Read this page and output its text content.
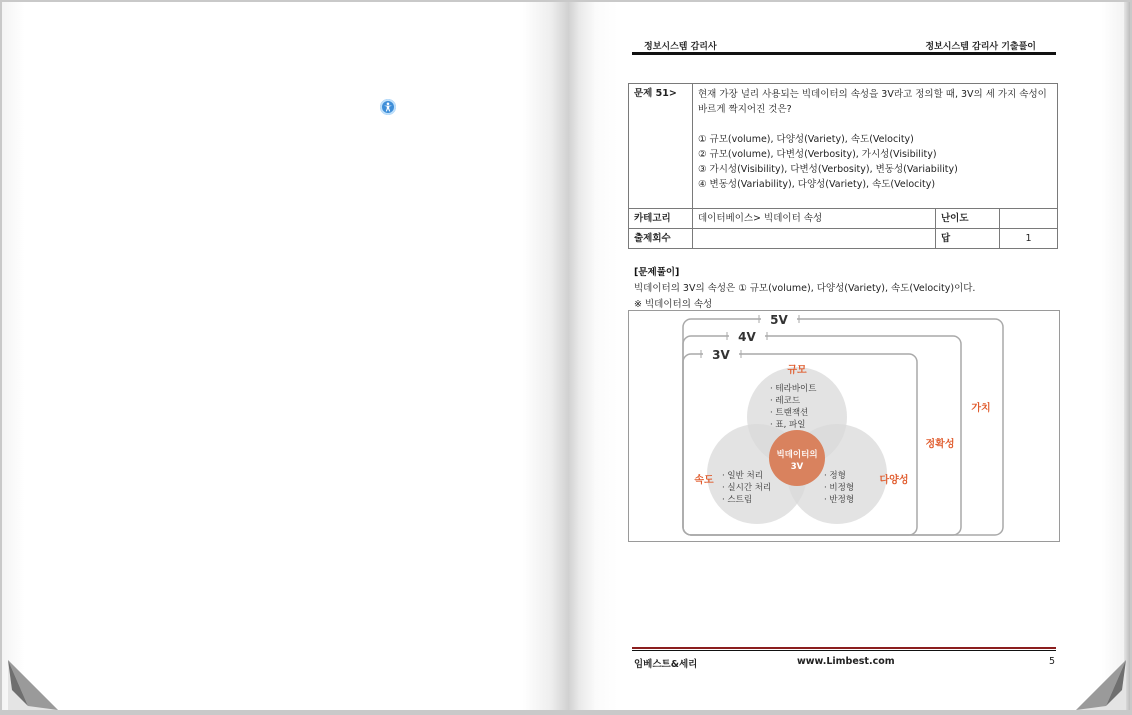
정보시스템 감리사	정보시스템 감리사 기출풀이
문제 51>	현재 가장 널리 사용되는 빅데이터의 속성을 3V라고 정의할 때, 3V의 세 가지 속성이 바르게 짝지어진 것은?
① 규모(volume), 다양성(Variety), 속도(Velocity)
② 규모(volume), 다변성(Verbosity), 가시성(Visibility)
③ 가시성(Visibility), 다변성(Verbosity), 변동성(Variability)
④ 변동성(Variability), 다양성(Variety), 속도(Velocity)		

카테고리	데이터베이스> 빅데이터 속성	난이도	
출제회수		답	1
[문제풀이]
빅데이터의 3V의 속성은 ① 규모(volume), 다양성(Variety), 속도(Velocity)이다.
※ 빅데이터의 속성
5V
4V
3V
가치
정확성
규모
속도	다양성
· 테라바이트
· 레코드
· 트랜잭션
· 표, 파일
· 일반 처리
· 실시간 처리
· 스트림
· 정형
· 비정형
· 반정형
빅데이터의
3V
임베스트&세리	www.Limbest.com	5
